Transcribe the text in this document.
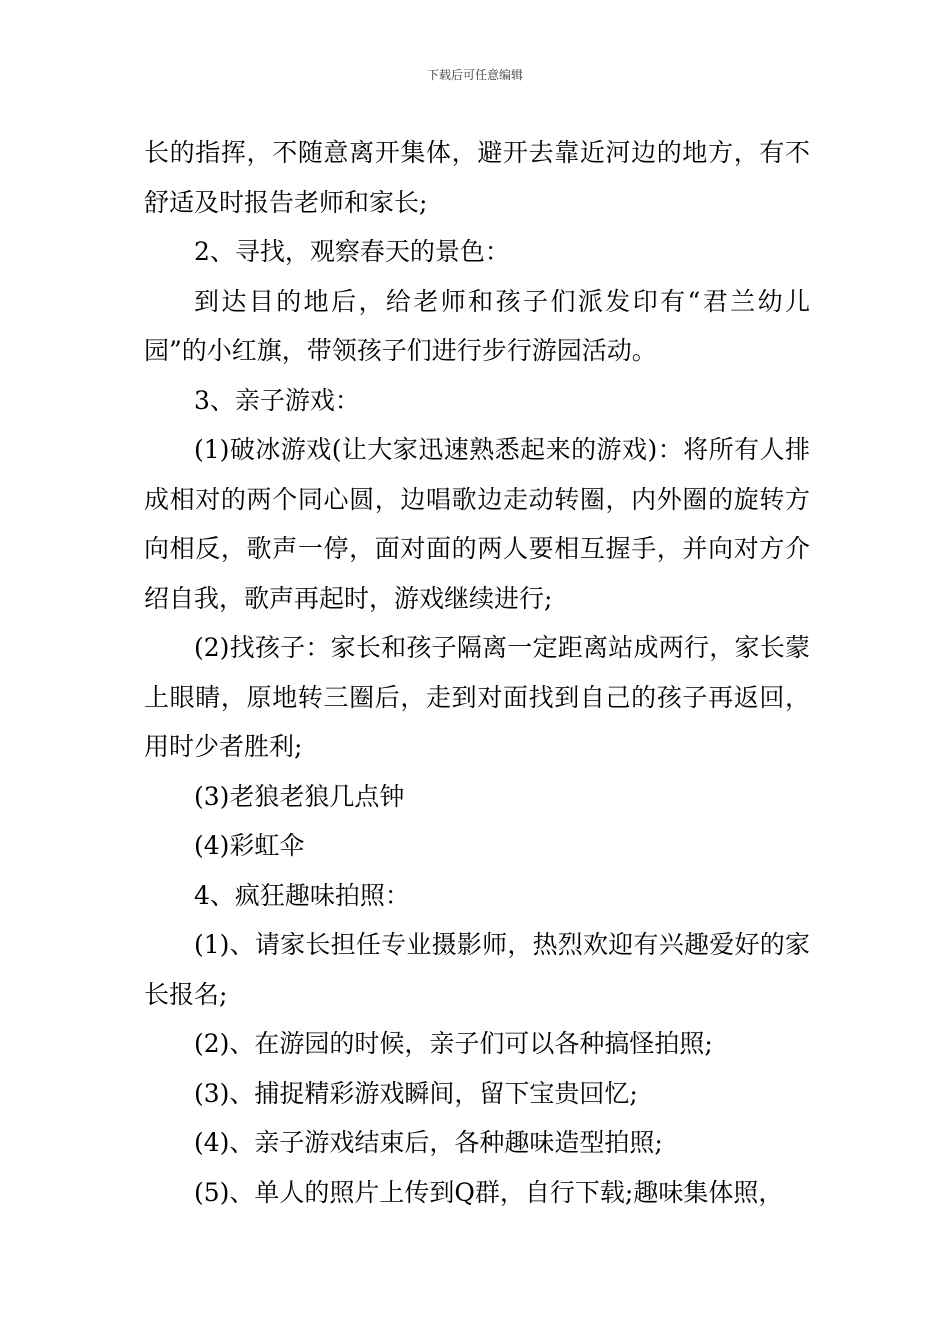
下载后可任意编辑

长的指挥，不随意离开集体，避开去靠近河边的地方，有不舒适及时报告老师和家长;

2、寻找，观察春天的景色：

到达目的地后，给老师和孩子们派发印有“君兰幼儿园”的小红旗，带领孩子们进行步行游园活动。

3、亲子游戏：

(1)破冰游戏(让大家迅速熟悉起来的游戏)：将所有人排成相对的两个同心圆，边唱歌边走动转圈，内外圈的旋转方向相反，歌声一停，面对面的两人要相互握手，并向对方介绍自我，歌声再起时，游戏继续进行;

(2)找孩子：家长和孩子隔离一定距离站成两行，家长蒙上眼睛，原地转三圈后，走到对面找到自己的孩子再返回，用时少者胜利;

(3)老狼老狼几点钟

(4)彩虹伞

4、疯狂趣味拍照：

(1)、请家长担任专业摄影师，热烈欢迎有兴趣爱好的家长报名;

(2)、在游园的时候，亲子们可以各种搞怪拍照;

(3)、捕捉精彩游戏瞬间，留下宝贵回忆;

(4)、亲子游戏结束后，各种趣味造型拍照;

(5)、单人的照片上传到Q群，自行下载;趣味集体照，
